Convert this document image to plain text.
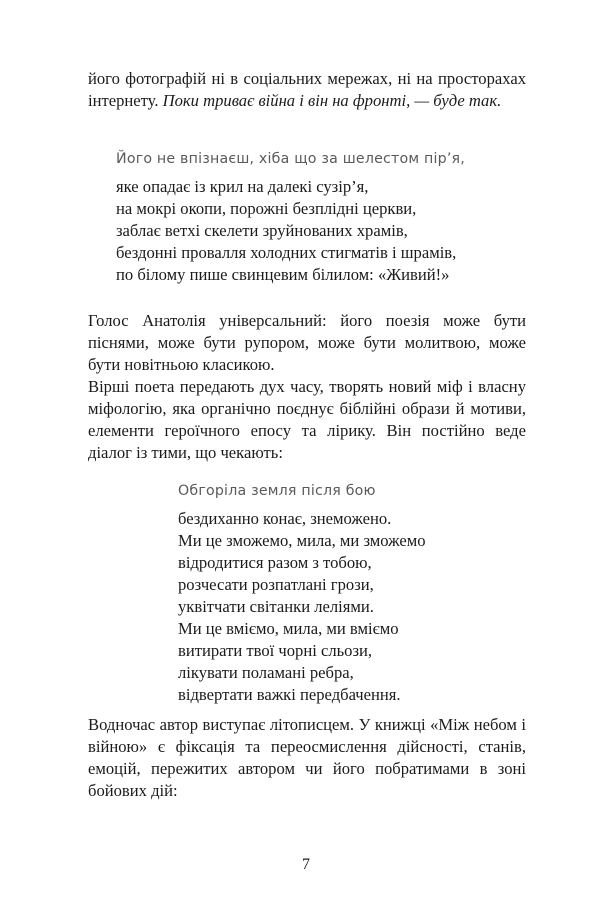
його фотографій ні в соціальних мережах, ні на просторахах інтернету. Поки триває війна і він на фронті, — буде так.

Його не впізнаєш, хіба що за шелестом пір’я,
яке опадає із крил на далекі сузір’я,
на мокрі окопи, порожні безплідні церкви,
заблає ветхі скелети зруйнованих храмів,
бездонні провалля холодних стигматів і шрамів,
по білому пише свинцевим білилом: «Живий!»

Голос Анатолія універсальний: його поезія може бути піснями, може бути рупором, може бути молитвою, може бути новітньою класикою.

Вірші поета передають дух часу, творять новий міф і власну міфологію, яка органічно поєднує біблійні образи й мотиви, елементи героїчного епосу та лірику. Він постійно веде діалог із тими, що чекають:

Обгоріла земля після бою
бездиханно конає, знеможено.
Ми це зможемо, мила, ми зможемо
відродитися разом з тобою,
розчесати розпатлані грози,
уквітчати світанки леліями.
Ми це вміємо, мила, ми вміємо
витирати твої чорні сльози,
лікувати поламані ребра,
відвертати важкі передбачення.

Водночас автор виступає літописцем. У книжці «Між небом і війною» є фіксація та переосмислення дійсності, станів, емоцій, пережитих автором чи його побратимами в зоні бойових дій:

7
